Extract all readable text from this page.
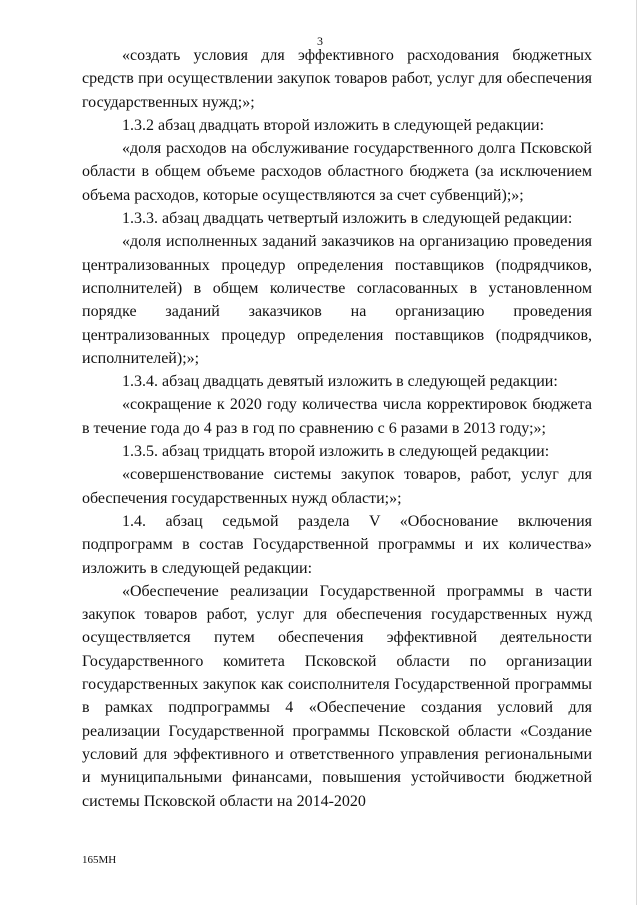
3

«создать условия для эффективного расходования бюджетных средств при осуществлении закупок товаров работ, услуг для обеспечения государственных нужд;»;

1.3.2 абзац двадцать второй изложить в следующей редакции:

«доля расходов на обслуживание государственного долга Псковской области в общем объеме расходов областного бюджета (за исключением объема расходов, которые осуществляются за счет субвенций);»;

1.3.3. абзац двадцать четвертый изложить в следующей редакции:

«доля исполненных заданий заказчиков на организацию проведения централизованных процедур определения поставщиков (подрядчиков, исполнителей) в общем количестве согласованных в установленном порядке заданий заказчиков на организацию проведения централизованных процедур определения поставщиков (подрядчиков, исполнителей);»;

1.3.4. абзац двадцать девятый изложить в следующей редакции:

«сокращение к 2020 году количества числа корректировок бюджета в течение года до 4 раз в год по сравнению с 6 разами в 2013 году;»;

1.3.5. абзац тридцать второй изложить в следующей редакции:

«совершенствование системы закупок товаров, работ, услуг для обеспечения государственных нужд области;»;

1.4. абзац седьмой раздела V «Обоснование включения подпрограмм в состав Государственной программы и их количества» изложить в следующей редакции:

«Обеспечение реализации Государственной программы в части закупок товаров работ, услуг для обеспечения государственных нужд осуществляется путем обеспечения эффективной деятельности Государственного комитета Псковской области по организации государственных закупок как соисполнителя Государственной программы в рамках подпрограммы 4 «Обеспечение создания условий для реализации Государственной программы Псковской области «Создание условий для эффективного и ответственного управления региональными и муниципальными финансами, повышения устойчивости бюджетной системы Псковской области на 2014-2020

165МН
